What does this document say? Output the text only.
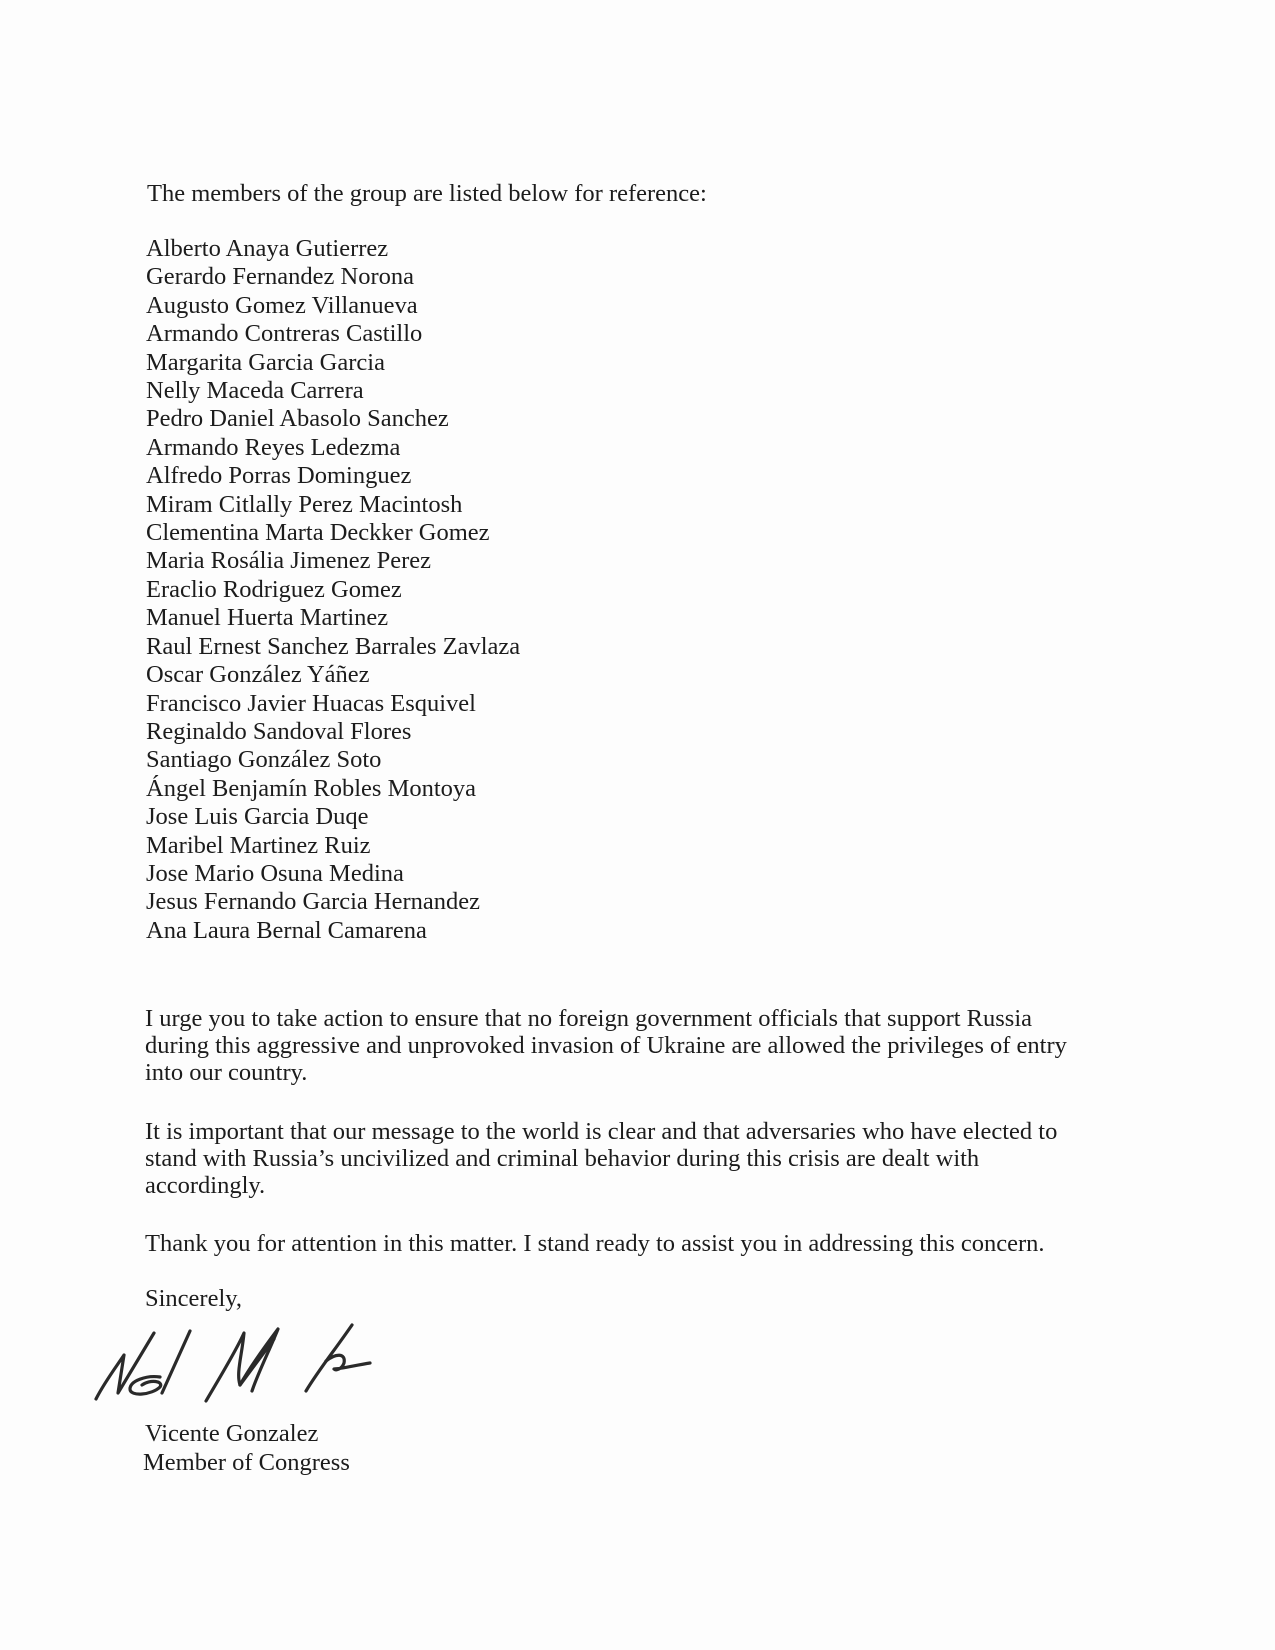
The members of the group are listed below for reference:

Alberto Anaya Gutierrez
Gerardo Fernandez Norona
Augusto Gomez Villanueva
Armando Contreras Castillo
Margarita Garcia Garcia
Nelly Maceda Carrera
Pedro Daniel Abasolo Sanchez
Armando Reyes Ledezma
Alfredo Porras Dominguez
Miram Citlally Perez Macintosh
Clementina Marta Deckker Gomez
Maria Rosália Jimenez Perez
Eraclio Rodriguez Gomez
Manuel Huerta Martinez
Raul Ernest Sanchez Barrales Zavlaza
Oscar González Yáñez
Francisco Javier Huacas Esquivel
Reginaldo Sandoval Flores
Santiago González Soto
Ángel Benjamín Robles Montoya
Jose Luis Garcia Duqe
Maribel Martinez Ruiz
Jose Mario Osuna Medina
Jesus Fernando Garcia Hernandez
Ana Laura Bernal Camarena

I urge you to take action to ensure that no foreign government officials that support Russia during this aggressive and unprovoked invasion of Ukraine are allowed the privileges of entry into our country.

It is important that our message to the world is clear and that adversaries who have elected to stand with Russia’s uncivilized and criminal behavior during this crisis are dealt with accordingly.

Thank you for attention in this matter. I stand ready to assist you in addressing this concern.

Sincerely,

Vicente Gonzalez

Member of Congress
